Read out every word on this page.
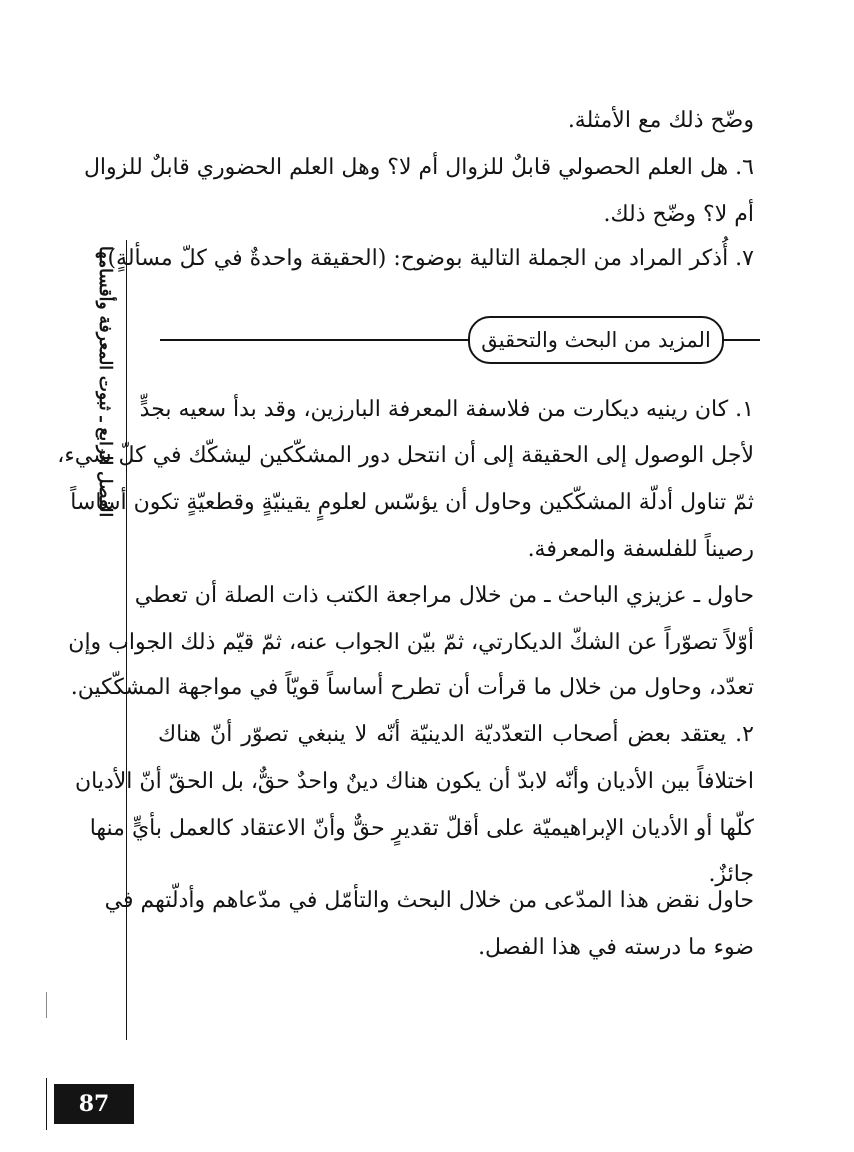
وضّح ذلك مع الأمثلة.
٦. هل العلم الحصولي قابلٌ للزوال أم لا؟ وهل العلم الحضوري قابلٌ للزوال
أم لا؟ وضّح ذلك.
٧. أُذكر المراد من الجملة التالية بوضوح: (الحقيقة واحدةٌ في كلّ مسألةٍ).
المزيد من البحث والتحقيق
١. كان رينيه ديكارت من فلاسفة المعرفة البارزين، وقد بدأ سعيه بجدٍّ
لأجل الوصول إلى الحقيقة إلى أن انتحل دور المشكّكين ليشكّك في كلّ شيء،
ثمّ تناول أدلّة المشكّكين وحاول أن يؤسّس لعلومٍ يقينيّةٍ وقطعيّةٍ تكون أساساً
رصيناً للفلسفة والمعرفة.
حاول ـ عزيزي الباحث ـ من خلال مراجعة الكتب ذات الصلة أن تعطي
أوّلاً تصوّراً عن الشكّ الديكارتي، ثمّ بيّن الجواب عنه، ثمّ قيّم ذلك الجواب وإن
تعدّد، وحاول من خلال ما قرأت أن تطرح أساساً قويّاً في مواجهة المشكّكين.
٢. يعتقد بعض أصحاب التعدّديّة الدينيّة أنّه لا ينبغي تصوّر أنّ هناك
اختلافاً بين الأديان وأنّه لابدّ أن يكون هناك دينٌ واحدٌ حقٌّ، بل الحقّ أنّ الأديان
كلّها أو الأديان الإبراهيميّة على أقلّ تقديرٍ حقٌّ وأنّ الاعتقاد كالعمل بأيٍّ منها
جائزٌ.
حاول نقض هذا المدّعى من خلال البحث والتأمّل في مدّعاهم وأدلّتهم في
ضوء ما درسته في هذا الفصل.
الفصل الرابع ـ ثبوت المعرفة وأقسامها
87
